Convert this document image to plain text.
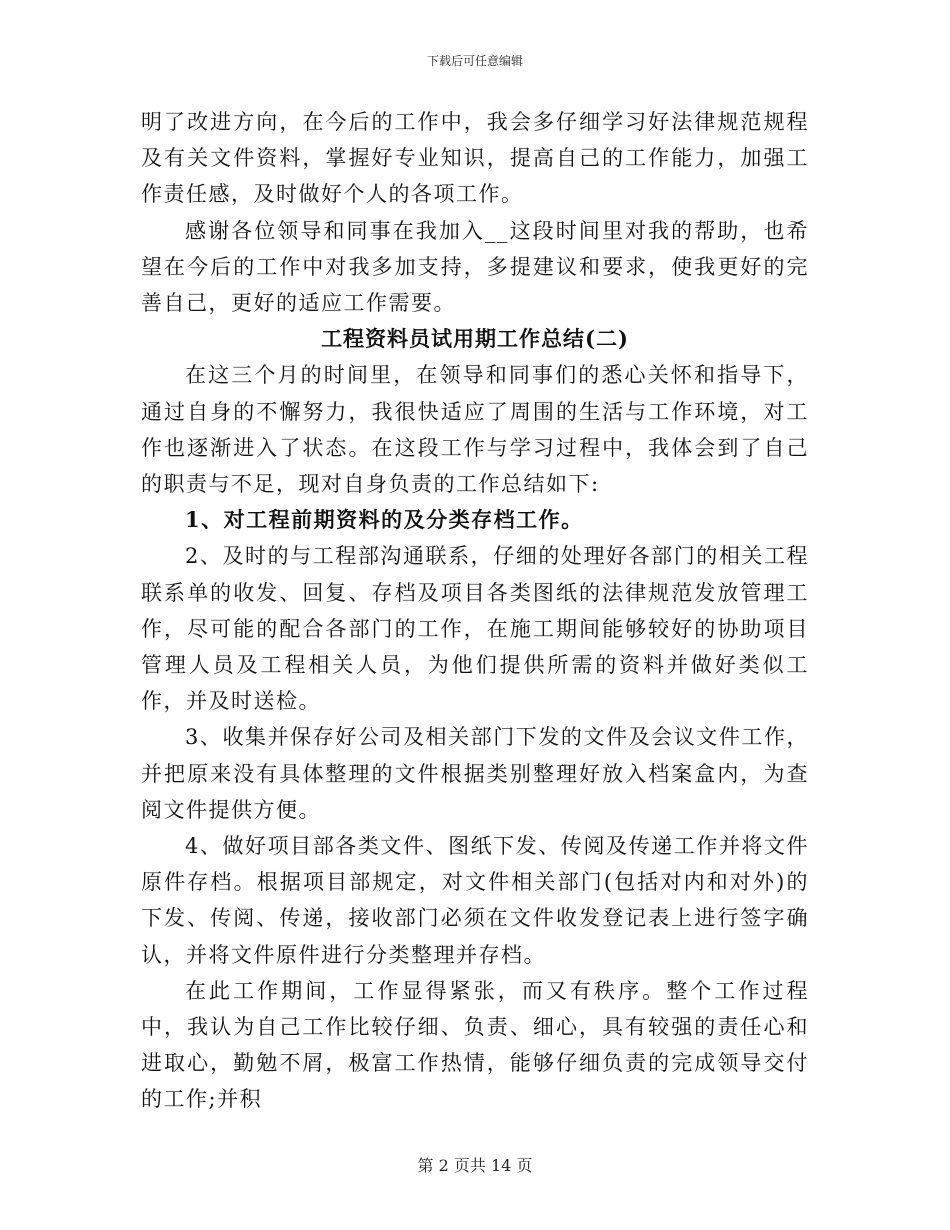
下载后可任意编辑

明了改进方向，在今后的工作中，我会多仔细学习好法律规范规程及有关文件资料，掌握好专业知识，提高自己的工作能力，加强工作责任感，及时做好个人的各项工作。

感谢各位领导和同事在我加入__这段时间里对我的帮助，也希望在今后的工作中对我多加支持，多提建议和要求，使我更好的完善自己，更好的适应工作需要。

工程资料员试用期工作总结(二)

在这三个月的时间里，在领导和同事们的悉心关怀和指导下，通过自身的不懈努力，我很快适应了周围的生活与工作环境，对工作也逐渐进入了状态。在这段工作与学习过程中，我体会到了自己的职责与不足，现对自身负责的工作总结如下:

1、对工程前期资料的及分类存档工作。

2、及时的与工程部沟通联系，仔细的处理好各部门的相关工程联系单的收发、回复、存档及项目各类图纸的法律规范发放管理工作，尽可能的配合各部门的工作，在施工期间能够较好的协助项目管理人员及工程相关人员，为他们提供所需的资料并做好类似工作，并及时送检。

3、收集并保存好公司及相关部门下发的文件及会议文件工作，并把原来没有具体整理的文件根据类别整理好放入档案盒内，为查阅文件提供方便。

4、做好项目部各类文件、图纸下发、传阅及传递工作并将文件原件存档。根据项目部规定，对文件相关部门(包括对内和对外)的下发、传阅、传递，接收部门必须在文件收发登记表上进行签字确认，并将文件原件进行分类整理并存档。

在此工作期间，工作显得紧张，而又有秩序。整个工作过程中，我认为自己工作比较仔细、负责、细心，具有较强的责任心和进取心，勤勉不屑，极富工作热情，能够仔细负责的完成领导交付的工作;并积

第 2 页共 14 页
